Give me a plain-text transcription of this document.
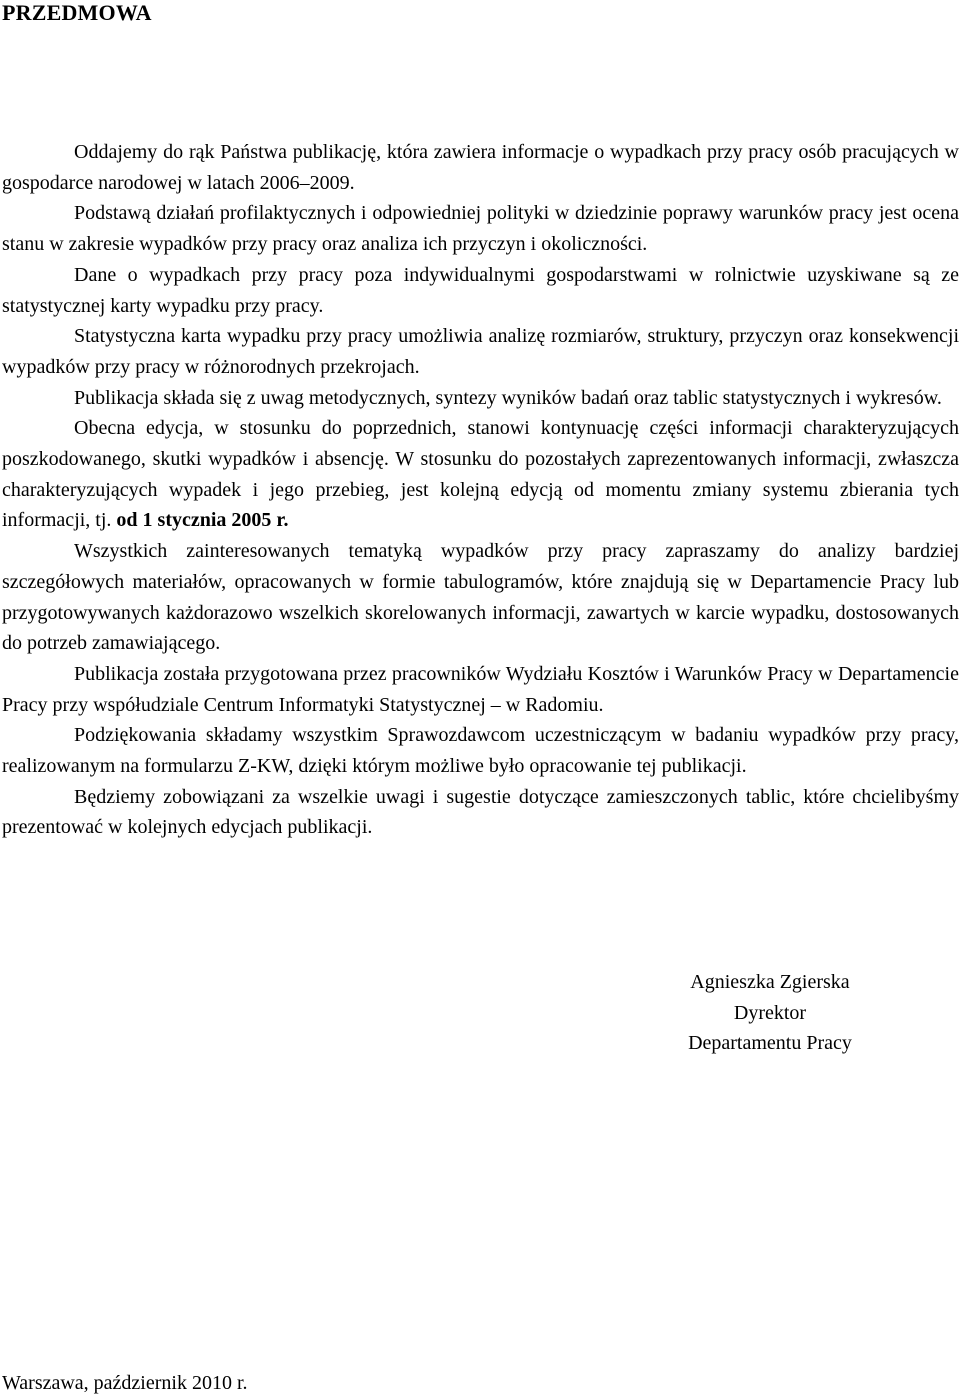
PRZEDMOWA

Oddajemy do rąk Państwa publikację, która zawiera informacje o wypadkach przy pracy osób pracujących w gospodarce narodowej w latach 2006–2009.

Podstawą działań profilaktycznych i odpowiedniej polityki w dziedzinie poprawy warunków pracy jest ocena stanu w zakresie wypadków przy pracy oraz analiza ich przyczyn i okoliczności.

Dane o wypadkach przy pracy poza indywidualnymi gospodarstwami w rolnictwie uzyskiwane są ze statystycznej karty wypadku przy pracy.

Statystyczna karta wypadku przy pracy umożliwia analizę rozmiarów, struktury, przyczyn oraz konsekwencji wypadków przy pracy w różnorodnych przekrojach.

Publikacja składa się z uwag metodycznych, syntezy wyników badań oraz tablic statystycznych i wykresów.

Obecna edycja, w stosunku do poprzednich, stanowi kontynuację części informacji charakteryzujących poszkodowanego, skutki wypadków i absencję. W stosunku do pozostałych zaprezentowanych informacji, zwłaszcza charakteryzujących wypadek i jego przebieg, jest kolejną edycją od momentu zmiany systemu zbierania tych informacji, tj. od 1 stycznia 2005 r.

Wszystkich zainteresowanych tematyką wypadków przy pracy zapraszamy do analizy bardziej szczegółowych materiałów, opracowanych w formie tabulogramów, które znajdują się w Departamencie Pracy lub przygotowywanych każdorazowo wszelkich skorelowanych informacji, zawartych w karcie wypadku, dostosowanych do potrzeb zamawiającego.

Publikacja została przygotowana przez pracowników Wydziału Kosztów i Warunków Pracy w Departamencie Pracy przy współudziale Centrum Informatyki Statystycznej – w Radomiu.

Podziękowania składamy wszystkim Sprawozdawcom uczestniczącym w badaniu wypadków przy pracy, realizowanym na formularzu Z-KW, dzięki którym możliwe było opracowanie tej publikacji.

Będziemy zobowiązani za wszelkie uwagi i sugestie dotyczące zamieszczonych tablic, które chcielibyśmy prezentować w kolejnych edycjach publikacji.

Agnieszka Zgierska
Dyrektor
Departamentu Pracy
Warszawa, październik 2010 r.
